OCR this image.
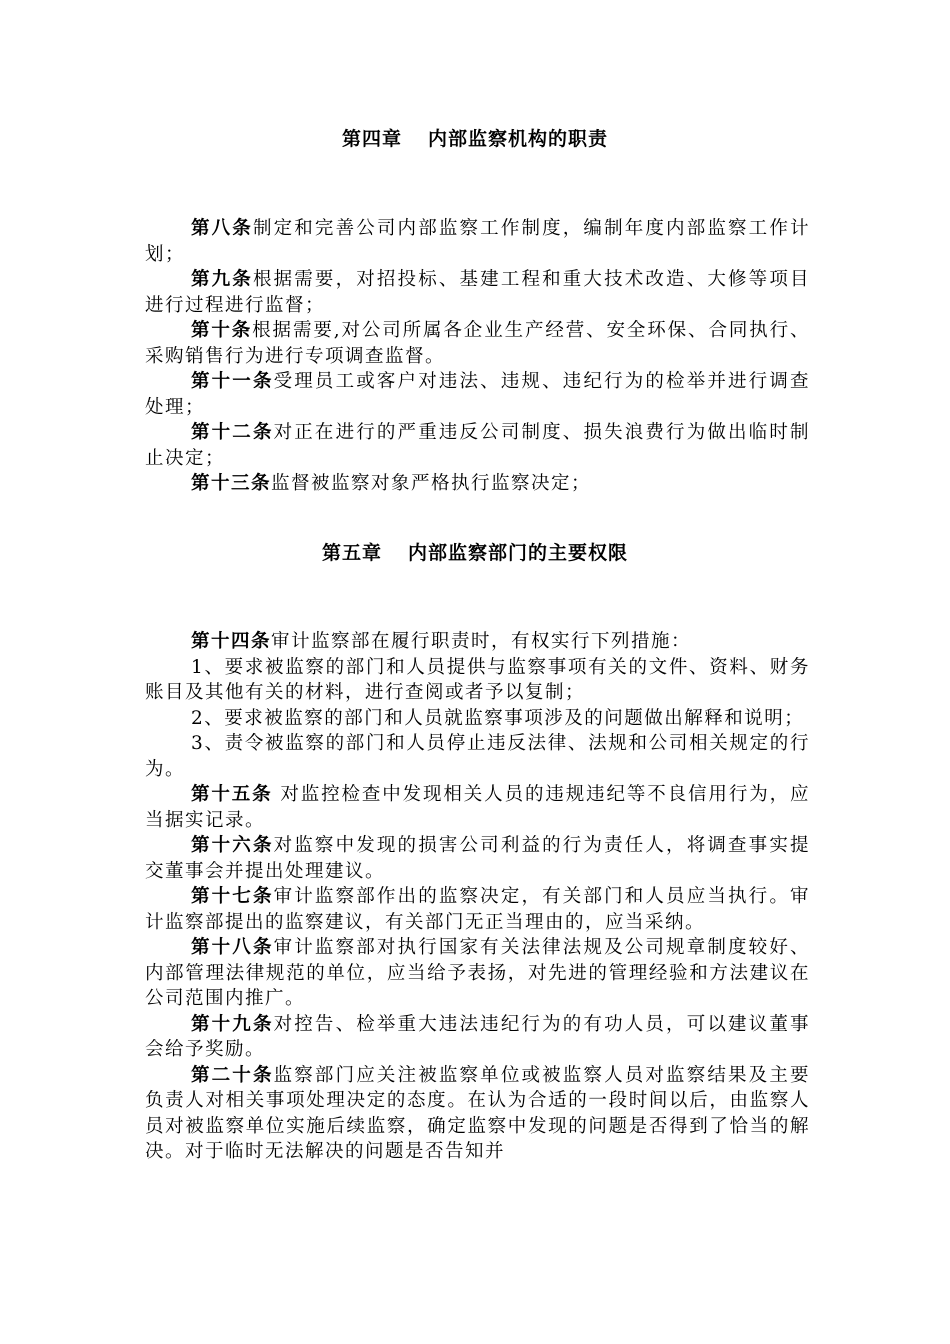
第四章 内部监察机构的职责

第八条制定和完善公司内部监察工作制度，编制年度内部监察工作计划；

第九条根据需要，对招投标、基建工程和重大技术改造、大修等项目进行过程进行监督；

第十条根据需要,对公司所属各企业生产经营、安全环保、合同执行、采购销售行为进行专项调查监督。

第十一条受理员工或客户对违法、违规、违纪行为的检举并进行调查处理；

第十二条对正在进行的严重违反公司制度、损失浪费行为做出临时制止决定；

第十三条监督被监察对象严格执行监察决定；

第五章 内部监察部门的主要权限

第十四条审计监察部在履行职责时，有权实行下列措施：

1、要求被监察的部门和人员提供与监察事项有关的文件、资料、财务账目及其他有关的材料，进行查阅或者予以复制；

2、要求被监察的部门和人员就监察事项涉及的问题做出解释和说明；

3、责令被监察的部门和人员停止违反法律、法规和公司相关规定的行为。

第十五条 对监控检查中发现相关人员的违规违纪等不良信用行为，应当据实记录。

第十六条对监察中发现的损害公司利益的行为责任人，将调查事实提交董事会并提出处理建议。

第十七条审计监察部作出的监察决定，有关部门和人员应当执行。审计监察部提出的监察建议，有关部门无正当理由的，应当采纳。

第十八条审计监察部对执行国家有关法律法规及公司规章制度较好、内部管理法律规范的单位，应当给予表扬，对先进的管理经验和方法建议在公司范围内推广。

第十九条对控告、检举重大违法违纪行为的有功人员，可以建议董事会给予奖励。

第二十条监察部门应关注被监察单位或被监察人员对监察结果及主要负责人对相关事项处理决定的态度。在认为合适的一段时间以后，由监察人员对被监察单位实施后续监察，确定监察中发现的问题是否得到了恰当的解决。对于临时无法解决的问题是否告知并
